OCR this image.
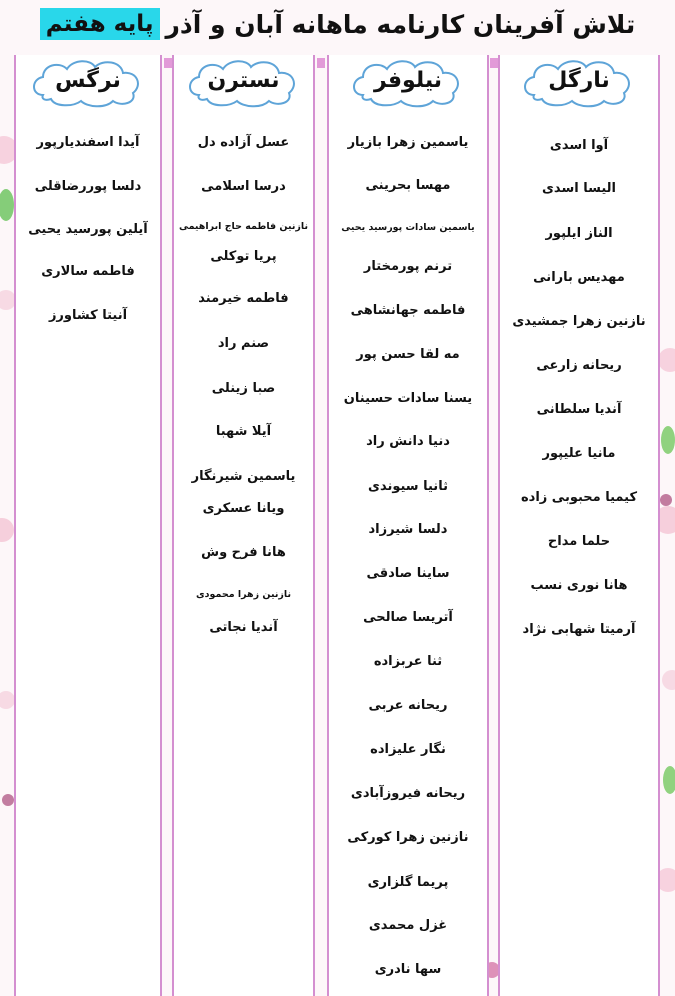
تلاش آفرینان کارنامه ماهانه آبان و آذر
پایه هفتم
نارگل
آوا اسدی
الیسا اسدی
الناز ایلپور
مهدیس بارانی
نازنین زهرا جمشیدی
ریحانه زارعی
آندیا سلطانی
مانیا علیپور
کیمیا محبوبی زاده
حلما مداح
هانا نوری نسب
آرمیتا شهابی نژاد
نیلوفر
یاسمین زهرا بازیار
مهسا بحرینی
یاسمین سادات پورسید یحیی
ترنم پورمختار
فاطمه جهانشاهی
مه لقا حسن پور
یسنا سادات حسینان
دنیا دانش راد
ثانیا سیوندی
دلسا شیرزاد
ساینا صادقی
آتریسا صالحی
ثنا عربزاده
ریحانه عربی
نگار علیزاده
ریحانه فیروزآبادی
نازنین زهرا کورکی
پریما گلزاری
غزل محمدی
سها نادری
نسترن
عسل آزاده دل
درسا اسلامی
نازنین فاطمه حاج ابراهیمی
پریا توکلی
فاطمه خیرمند
صنم راد
صبا زینلی
آیلا شهبا
یاسمین شیرنگار
ویانا عسکری
هانا فرح وش
نازنین زهرا محمودی
آندیا نجاتی
نرگس
آیدا اسفندیارپور
دلسا پوررضاقلی
آیلین پورسید یحیی
فاطمه سالاری
آنیتا کشاورز
